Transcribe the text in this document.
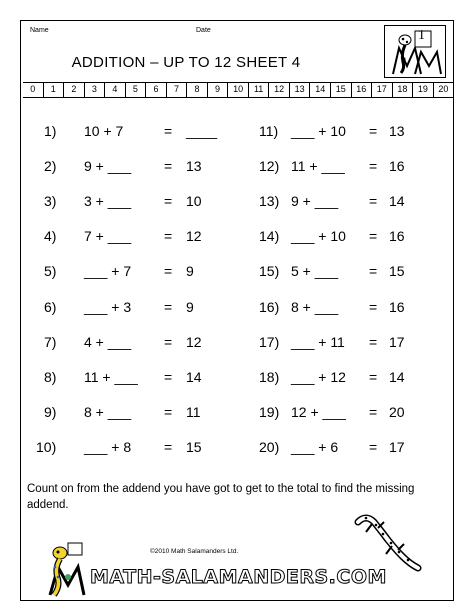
Name	Date
ADDITION – UP TO 12 SHEET 4
1
0	1	2	3	4	5	6	7	8	9	10	11	12	13	14	15	16	17	18	19	20
1) 10 + 7	= ____
2) 9 + ___ = 13
3) 3 + ___ = 10
4) 7 + ___ = 12
5) ___ + 7 = 9
6) ___ + 3 = 9
7) 4 + ___ = 12
8) 11 + ___ = 14
9) 8 + ___ = 11
10) ___ + 8 = 15
11) ___ + 10 = 13
12) 11 + ___ = 16
13) 9 + ___ = 14
14) ___ + 10 = 16
15) 5 + ___ = 15
16) 8 + ___ = 16
17) ___ + 11 = 17
18) ___ + 12 = 14
19) 12 + ___ = 20
20) ___ + 6 = 17
Count on from the addend you have got to get to the total to find the missing addend.
©2010 Math Salamanders Ltd.
MATH-SALAMANDERS.COM
